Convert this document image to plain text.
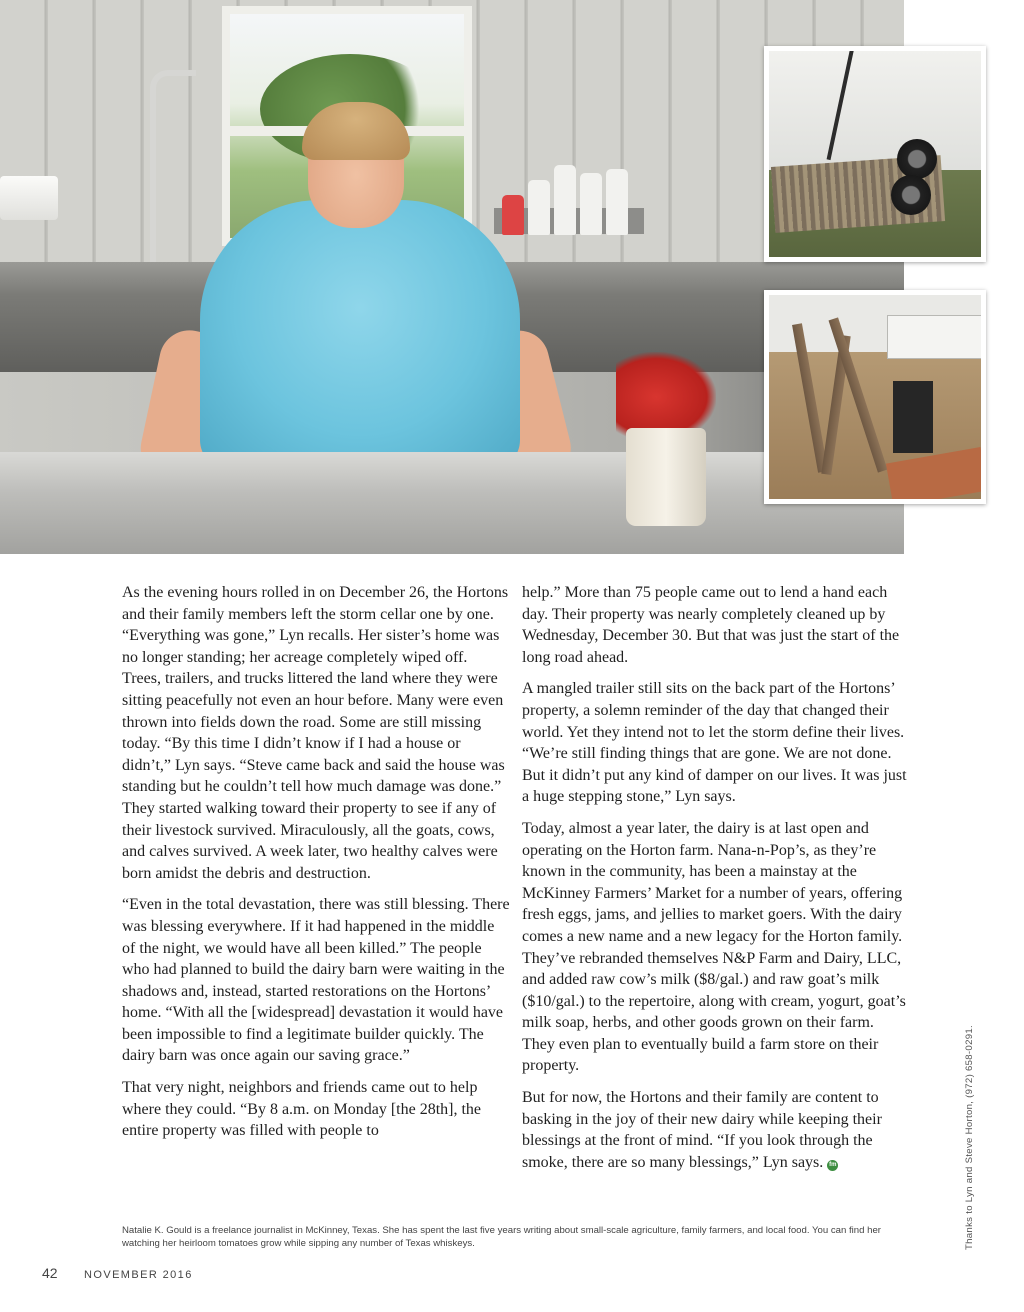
As the evening hours rolled in on December 26, the Hortons and their family members left the storm cellar one by one. “Everything was gone,” Lyn recalls. Her sister’s home was no longer standing; her acreage completely wiped off. Trees, trailers, and trucks littered the land where they were sitting peacefully not even an hour before. Many were even thrown into fields down the road. Some are still missing today. “By this time I didn’t know if I had a house or didn’t,” Lyn says. “Steve came back and said the house was standing but he couldn’t tell how much damage was done.” They started walking toward their property to see if any of their livestock survived. Miraculously, all the goats, cows, and calves survived. A week later, two healthy calves were born amidst the debris and destruction.

“Even in the total devastation, there was still blessing. There was blessing everywhere. If it had happened in the middle of the night, we would have all been killed.” The people who had planned to build the dairy barn were waiting in the shadows and, instead, started restorations on the Hortons’ home. “With all the [widespread] devastation it would have been impossible to find a legitimate builder quickly. The dairy barn was once again our saving grace.”

That very night, neighbors and friends came out to help where they could. “By 8 a.m. on Monday [the 28th], the entire property was filled with people to

help.” More than 75 people came out to lend a hand each day. Their property was nearly completely cleaned up by Wednesday, December 30. But that was just the start of the long road ahead.

A mangled trailer still sits on the back part of the Hortons’ property, a solemn reminder of the day that changed their world. Yet they intend not to let the storm define their lives. “We’re still finding things that are gone. We are not done. But it didn’t put any kind of damper on our lives. It was just a huge stepping stone,” Lyn says.

Today, almost a year later, the dairy is at last open and operating on the Horton farm. Nana-n-Pop’s, as they’re known in the community, has been a mainstay at the McKinney Farmers’ Market for a number of years, offering fresh eggs, jams, and jellies to market goers. With the dairy comes a new name and a new legacy for the Horton family. They’ve rebranded themselves N&P Farm and Dairy, LLC, and added raw cow’s milk ($8/gal.) and raw goat’s milk ($10/gal.) to the repertoire, along with cream, yogurt, goat’s milk soap, herbs, and other goods grown on their farm. They even plan to eventually build a farm store on their property.

But for now, the Hortons and their family are content to basking in the joy of their new dairy while keeping their blessings at the front of mind. “If you look through the smoke, there are so many blessings,” Lyn says. fm

Natalie K. Gould is a freelance journalist in McKinney, Texas. She has spent the last five years writing about small-scale agriculture, family farmers, and local food. You can find her watching her heirloom tomatoes grow while sipping any number of Texas whiskeys.	Thanks to Lyn and Steve Horton, (972) 658-0291.
42 NOVEMBER 2016
